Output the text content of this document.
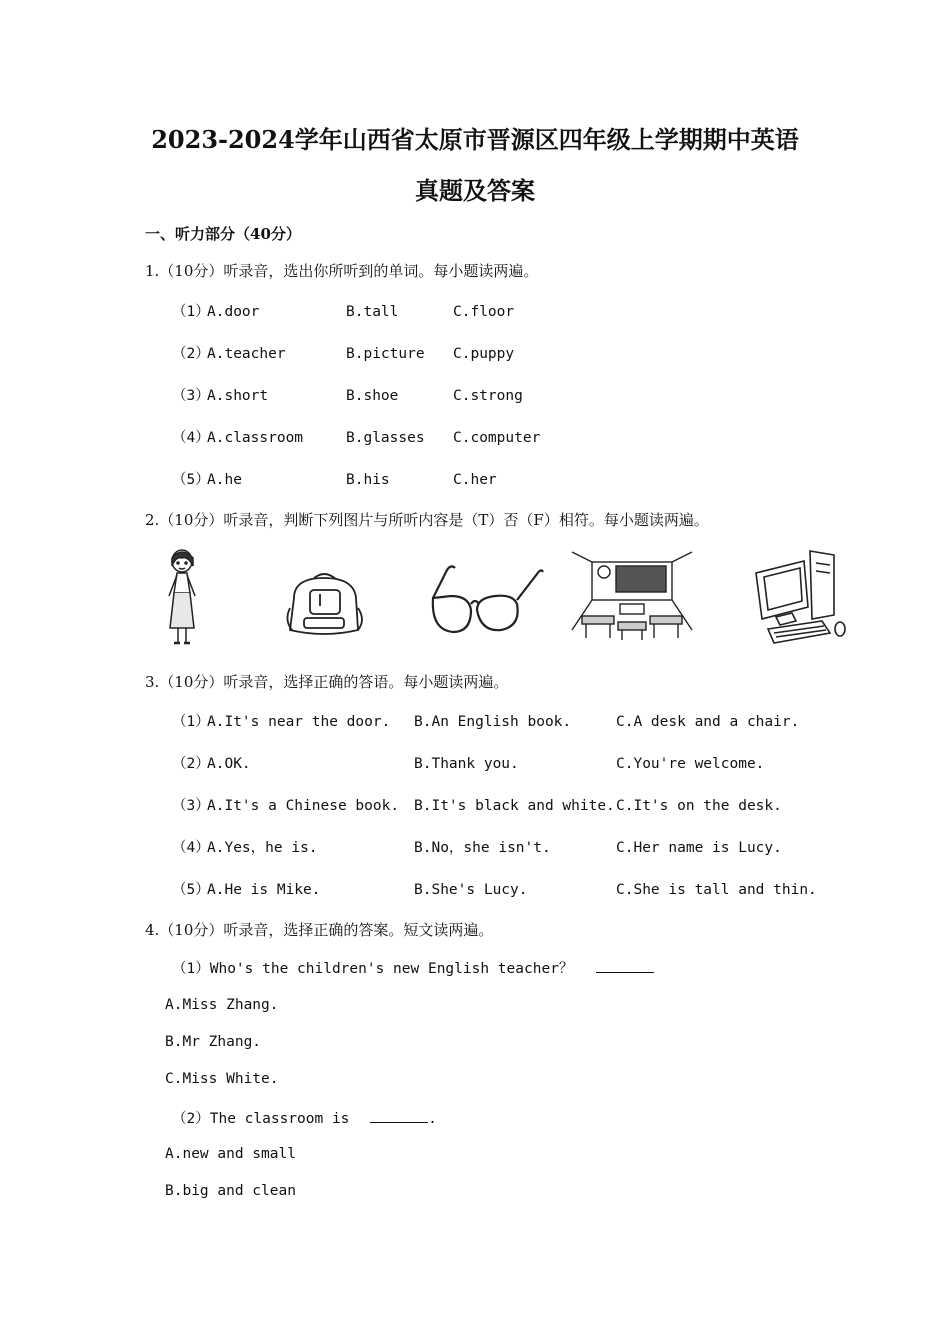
2023-2024学年山西省太原市晋源区四年级上学期期中英语
真题及答案
一、听力部分（40分）
1.（10分）听录音，选出你所听到的单词。每小题读两遍。
（1）
A.door	B.tall	C.floor
（2）
A.teacher	B.picture C.puppy
（3）
A.short	B.shoe	C.strong
（4）
A.classroom	B.glasses C.computer
（5）
A.he	B.his	C.her
2.（10分）听录音，判断下列图片与所听内容是（T）否（F）相符。每小题读两遍。
3.（10分）听录音，选择正确的答语。每小题读两遍。
（1）
A.It's near the door. B.An English book.	C.A desk and a chair.
（2）
A.OK.	B.Thank you.	C.You're welcome.
（3）
A.It's a Chinese book. B.It's black and white. C.It's on the desk.
（4）
A.Yes，he is.	B.No，she isn't.	C.Her name is Lucy.
（5）
A.He is Mike.	B.She's Lucy.	C.She is tall and thin.
4.（10分）听录音，选择正确的答案。短文读两遍。
（1）Who's the children's new English teacher？
A.Miss Zhang.
B.Mr Zhang.
C.Miss White.
（2）The classroom is	.
A.new and small
B.big and clean
